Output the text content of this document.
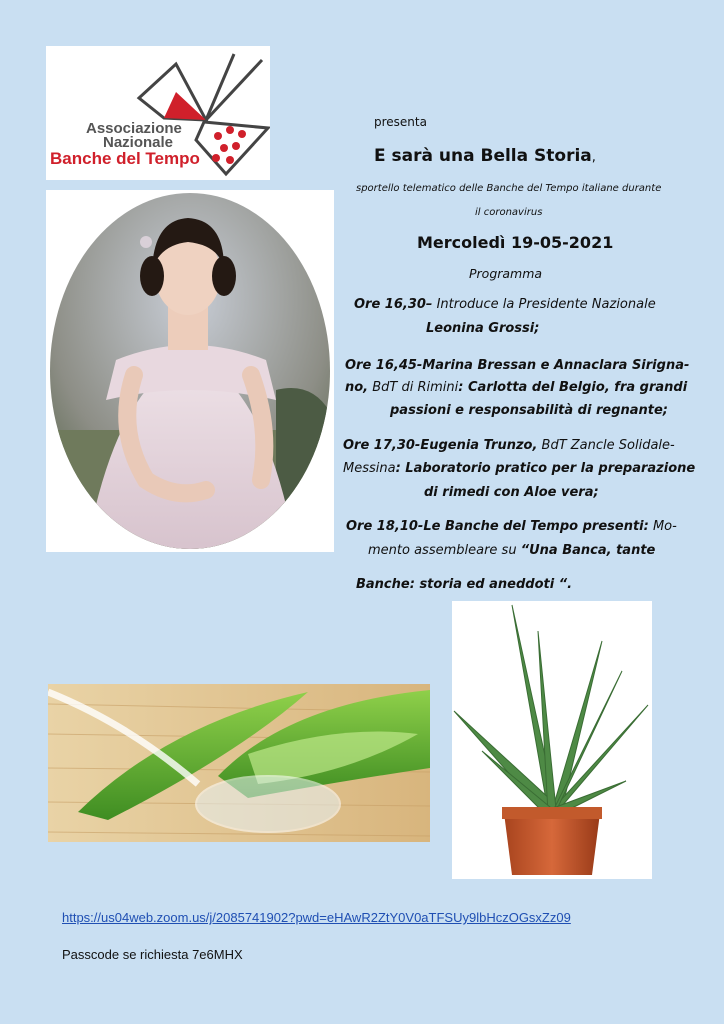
Associazione
Nazionale
Banche del Tempo
presenta
E sarà una Bella Storia,
sportello telematico delle Banche del Tempo italiane durante
il coronavirus
Mercoledì 19-05-2021
Programma
Ore 16,30– Introduce la Presidente Nazionale
Leonina Grossi;
Ore 16,45-Marina Bressan e Annaclara Sirigna-
no, BdT di Rimini: Carlotta del Belgio, fra grandi
passioni e responsabilità di regnante;
Ore 17,30-Eugenia Trunzo, BdT Zancle Solidale-
Messina: Laboratorio pratico per la preparazione
di rimedi con Aloe vera;
Ore 18,10-Le Banche del Tempo presenti: Mo-
mento assembleare su “Una Banca, tante
Banche: storia ed aneddoti “.
https://us04web.zoom.us/j/2085741902?pwd=eHAwR2ZtY0V0aTFSUy9lbHczOGsxZz09
Passcode se richiesta 7e6MHX
